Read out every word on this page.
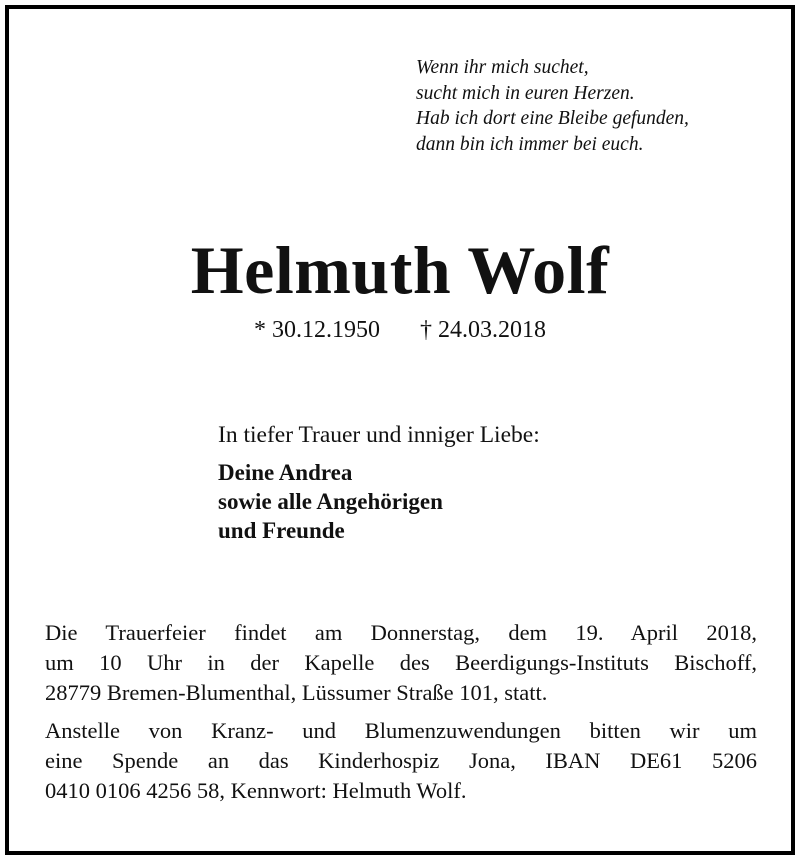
Wenn ihr mich suchet,
sucht mich in euren Herzen.
Hab ich dort eine Bleibe gefunden,
dann bin ich immer bei euch.
Helmuth Wolf
* 30.12.1950 † 24.03.2018
In tiefer Trauer und inniger Liebe:
Deine Andrea
sowie alle Angehörigen
und Freunde
Die Trauerfeier findet am Donnerstag, dem 19. April 2018,
um 10 Uhr in der Kapelle des Beerdigungs-Instituts Bischoff,
28779 Bremen-Blumenthal, Lüssumer Straße 101, statt.
Anstelle von Kranz- und Blumenzuwendungen bitten wir um
eine Spende an das Kinderhospiz Jona, IBAN DE61 5206
0410 0106 4256 58, Kennwort: Helmuth Wolf.
